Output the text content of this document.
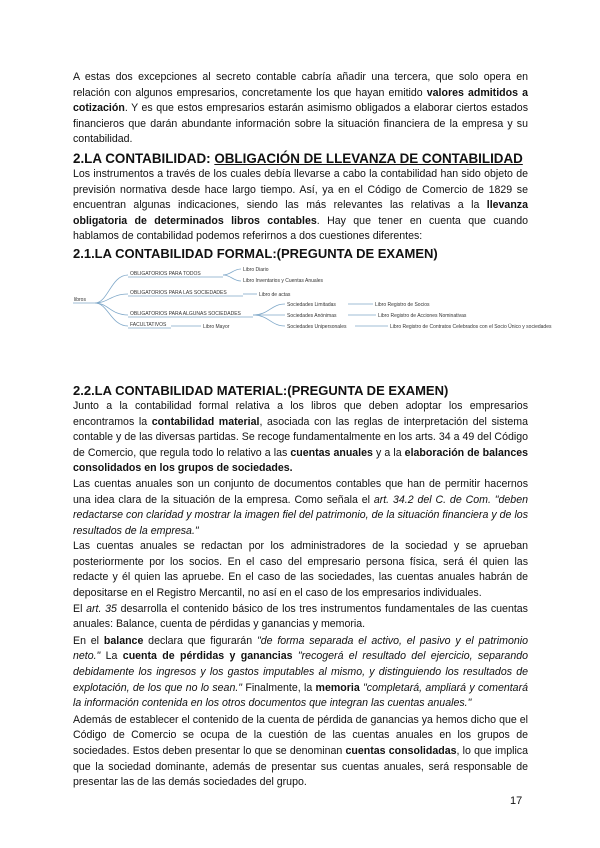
A estas dos excepciones al secreto contable cabría añadir una tercera, que solo opera en relación con algunos empresarios, concretamente los que hayan emitido valores admitidos a cotización. Y es que estos empresarios estarán asimismo obligados a elaborar ciertos estados financieros que darán abundante información sobre la situación financiera de la empresa y su contabilidad.

2.LA CONTABILIDAD: OBLIGACIÓN DE LLEVANZA DE CONTABILIDAD

Los instrumentos a través de los cuales debía llevarse a cabo la contabilidad han sido objeto de previsión normativa desde hace largo tiempo. Así, ya en el Código de Comercio de 1829 se encuentran algunas indicaciones, siendo las más relevantes las relativas a la llevanza obligatoria de determinados libros contables. Hay que tener en cuenta que cuando hablamos de contabilidad podemos referirnos a dos cuestiones diferentes:

2.1.LA CONTABILIDAD FORMAL:(PREGUNTA DE EXAMEN)
2.2.LA CONTABILIDAD MATERIAL:(PREGUNTA DE EXAMEN)

Junto a la contabilidad formal relativa a los libros que deben adoptar los empresarios encontramos la contabilidad material, asociada con las reglas de interpretación del sistema contable y de las diversas partidas. Se recoge fundamentalmente en los arts. 34 a 49 del Código de Comercio, que regula todo lo relativo a las cuentas anuales y a la elaboración de balances consolidados en los grupos de sociedades.

Las cuentas anuales son un conjunto de documentos contables que han de permitir hacernos una idea clara de la situación de la empresa. Como señala el art. 34.2 del C. de Com. "deben redactarse con claridad y mostrar la imagen fiel del patrimonio, de la situación financiera y de los resultados de la empresa."

Las cuentas anuales se redactan por los administradores de la sociedad y se aprueban posteriormente por los socios. En el caso del empresario persona física, será él quien las redacte y él quien las apruebe. En el caso de las sociedades, las cuentas anuales habrán de depositarse en el Registro Mercantil, no así en el caso de los empresarios individuales.

El art. 35 desarrolla el contenido básico de los tres instrumentos fundamentales de las cuentas anuales: Balance, cuenta de pérdidas y ganancias y memoria.

En el balance declara que figurarán "de forma separada el activo, el pasivo y el patrimonio neto." La cuenta de pérdidas y ganancias "recogerá el resultado del ejercicio, separando debidamente los ingresos y los gastos imputables al mismo, y distinguiendo los resultados de explotación, de los que no lo sean." Finalmente, la memoria "completará, ampliará y comentará la información contenida en los otros documentos que integran las cuentas anuales."

Además de establecer el contenido de la cuenta de pérdida de ganancias ya hemos dicho que el Código de Comercio se ocupa de la cuestión de las cuentas anuales en los grupos de sociedades. Estos deben presentar lo que se denominan cuentas consolidadas, lo que implica que la sociedad dominante, además de presentar sus cuentas anuales, será responsable de presentar las de las demás sociedades del grupo.

libros
OBLIGATORIOS PARA TODOS
Libro Diario
Libro Inventarios y Cuentas Anuales
OBLIGATORIOS PARA LAS SOCIEDADES	Libro de actas
OBLIGATORIOS PARA ALGUNAS SOCIEDADES
Sociedades Limitadas	Libro Registro de Socios
Sociedades Anónimas	Libro Registro de Acciones Nominativas
Sociedades Unipersonales	Libro Registro de Contratos Celebrados con el Socio Único y sociedades
FACULTATIVOS	Libro Mayor
17
